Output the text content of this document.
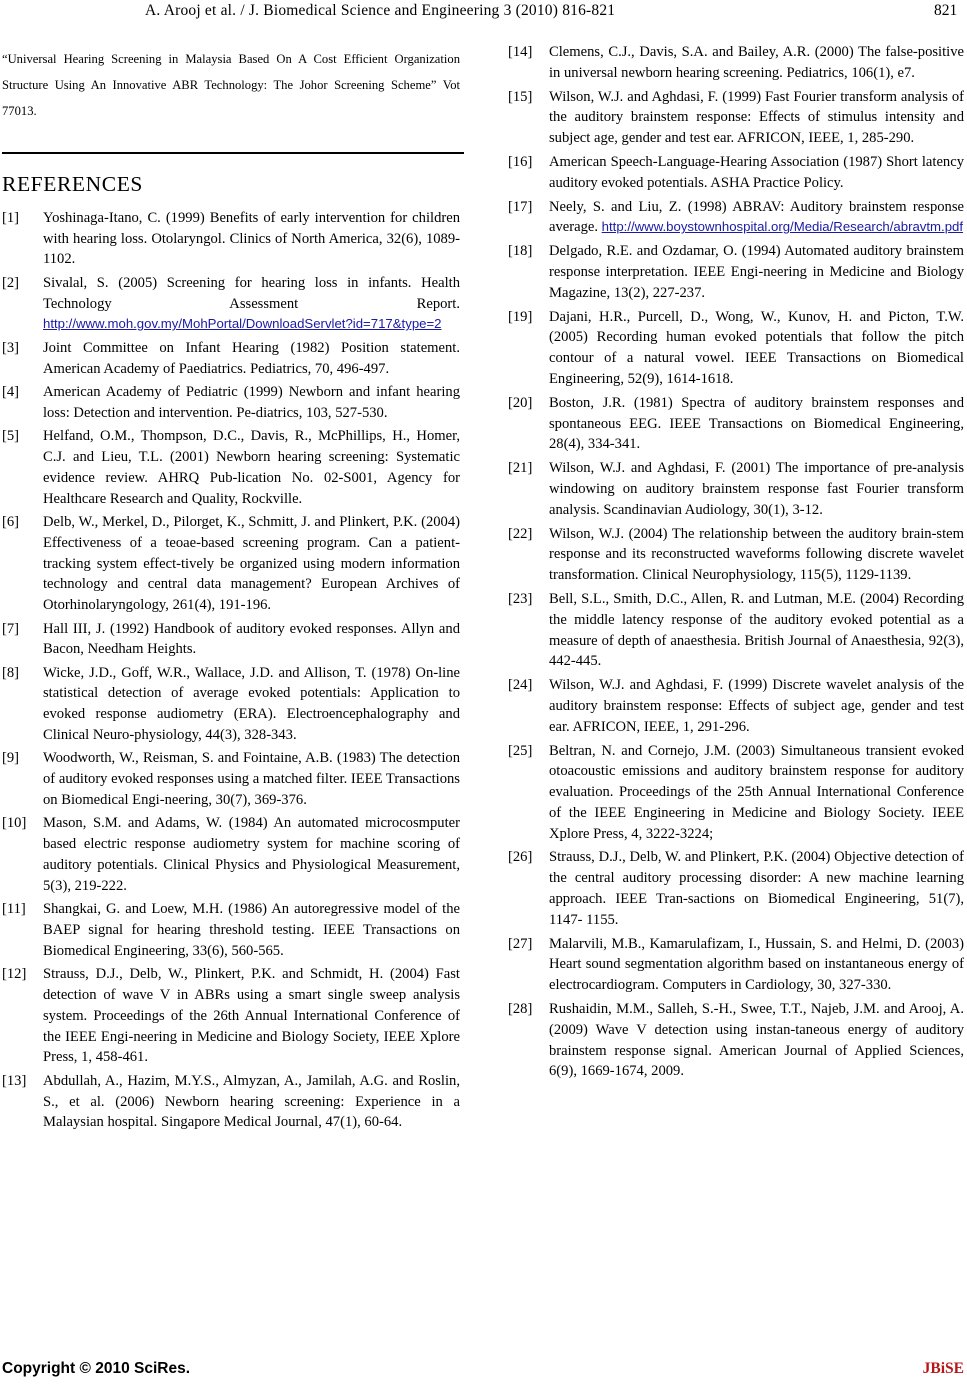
A. Arooj et al. / J. Biomedical Science and Engineering 3 (2010) 816-821	821

“Universal Hearing Screening in Malaysia Based On A Cost Efficient Organization Structure Using An Innovative ABR Technology: The Johor Screening Scheme” Vot 77013.

REFERENCES
[1] Yoshinaga-Itano, C. (1999) Benefits of early intervention for children with hearing loss. Otolaryngol. Clinics of North America, 32(6), 1089-1102.
[2] Sivalal, S. (2005) Screening for hearing loss in infants. Health Technology Assessment Report. http://www.moh.gov.my/MohPortal/DownloadServlet?id=717&type=2
[3] Joint Committee on Infant Hearing (1982) Position statement. American Academy of Paediatrics. Pediatrics, 70, 496-497.
[4] American Academy of Pediatric (1999) Newborn and infant hearing loss: Detection and intervention. Pe-diatrics, 103, 527-530.
[5] Helfand, O.M., Thompson, D.C., Davis, R., McPhillips, H., Homer, C.J. and Lieu, T.L. (2001) Newborn hearing screening: Systematic evidence review. AHRQ Pub-lication No. 02-S001, Agency for Healthcare Research and Quality, Rockville.
[6] Delb, W., Merkel, D., Pilorget, K., Schmitt, J. and Plinkert, P.K. (2004) Effectiveness of a teoae-based screening program. Can a patient-tracking system effect-tively be organized using modern information technology and central data management? European Archives of Otorhinolaryngology, 261(4), 191-196.
[7] Hall III, J. (1992) Handbook of auditory evoked responses. Allyn and Bacon, Needham Heights.
[8] Wicke, J.D., Goff, W.R., Wallace, J.D. and Allison, T. (1978) On-line statistical detection of average evoked potentials: Application to evoked response audiometry (ERA). Electroencephalography and Clinical Neuro-physiology, 44(3), 328-343.
[9] Woodworth, W., Reisman, S. and Fointaine, A.B. (1983) The detection of auditory evoked responses using a matched filter. IEEE Transactions on Biomedical Engi-neering, 30(7), 369-376.
[10] Mason, S.M. and Adams, W. (1984) An automated microcosmputer based electric response audiometry system for machine scoring of auditory potentials. Clinical Physics and Physiological Measurement, 5(3), 219-222.
[11] Shangkai, G. and Loew, M.H. (1986) An autoregressive model of the BAEP signal for hearing threshold testing. IEEE Transactions on Biomedical Engineering, 33(6), 560-565.
[12] Strauss, D.J., Delb, W., Plinkert, P.K. and Schmidt, H. (2004) Fast detection of wave V in ABRs using a smart single sweep analysis system. Proceedings of the 26th Annual International Conference of the IEEE Engi-neering in Medicine and Biology Society, IEEE Xplore Press, 1, 458-461.
[13] Abdullah, A., Hazim, M.Y.S., Almyzan, A., Jamilah, A.G. and Roslin, S., et al. (2006) Newborn hearing screening: Experience in a Malaysian hospital. Singapore Medical Journal, 47(1), 60-64.
[14] Clemens, C.J., Davis, S.A. and Bailey, A.R. (2000) The false-positive in universal newborn hearing screening. Pediatrics, 106(1), e7.
[15] Wilson, W.J. and Aghdasi, F. (1999) Fast Fourier transform analysis of the auditory brainstem response: Effects of stimulus intensity and subject age, gender and test ear. AFRICON, IEEE, 1, 285-290.
[16] American Speech-Language-Hearing Association (1987) Short latency auditory evoked potentials. ASHA Practice Policy.
[17] Neely, S. and Liu, Z. (1998) ABRAV: Auditory brainstem response average. http://www.boystownhospital.org/Media/Research/abravtm.pdf
[18] Delgado, R.E. and Ozdamar, O. (1994) Automated auditory brainstem response interpretation. IEEE Engi-neering in Medicine and Biology Magazine, 13(2), 227-237.
[19] Dajani, H.R., Purcell, D., Wong, W., Kunov, H. and Picton, T.W. (2005) Recording human evoked potentials that follow the pitch contour of a natural vowel. IEEE Transactions on Biomedical Engineering, 52(9), 1614-1618.
[20] Boston, J.R. (1981) Spectra of auditory brainstem responses and spontaneous EEG. IEEE Transactions on Biomedical Engineering, 28(4), 334-341.
[21] Wilson, W.J. and Aghdasi, F. (2001) The importance of pre-analysis windowing on auditory brainstem response fast Fourier transform analysis. Scandinavian Audiology, 30(1), 3-12.
[22] Wilson, W.J. (2004) The relationship between the auditory brain-stem response and its reconstructed waveforms following discrete wavelet transformation. Clinical Neurophysiology, 115(5), 1129-1139.
[23] Bell, S.L., Smith, D.C., Allen, R. and Lutman, M.E. (2004) Recording the middle latency response of the auditory evoked potential as a measure of depth of anaesthesia. British Journal of Anaesthesia, 92(3), 442-445.
[24] Wilson, W.J. and Aghdasi, F. (1999) Discrete wavelet analysis of the auditory brainstem response: Effects of subject age, gender and test ear. AFRICON, IEEE, 1, 291-296.
[25] Beltran, N. and Cornejo, J.M. (2003) Simultaneous transient evoked otoacoustic emissions and auditory brainstem response for auditory evaluation. Proceedings of the 25th Annual International Conference of the IEEE Engineering in Medicine and Biology Society. IEEE Xplore Press, 4, 3222-3224;
[26] Strauss, D.J., Delb, W. and Plinkert, P.K. (2004) Objective detection of the central auditory processing disorder: A new machine learning approach. IEEE Tran-sactions on Biomedical Engineering, 51(7), 1147- 1155.
[27] Malarvili, M.B., Kamarulafizam, I., Hussain, S. and Helmi, D. (2003) Heart sound segmentation algorithm based on instantaneous energy of electrocardiogram. Computers in Cardiology, 30, 327-330.
[28] Rushaidin, M.M., Salleh, S.-H., Swee, T.T., Najeb, J.M. and Arooj, A. (2009) Wave V detection using instan-taneous energy of auditory brainstem response signal. American Journal of Applied Sciences, 6(9), 1669-1674, 2009.
Copyright © 2010 SciRes.	JBiSE
